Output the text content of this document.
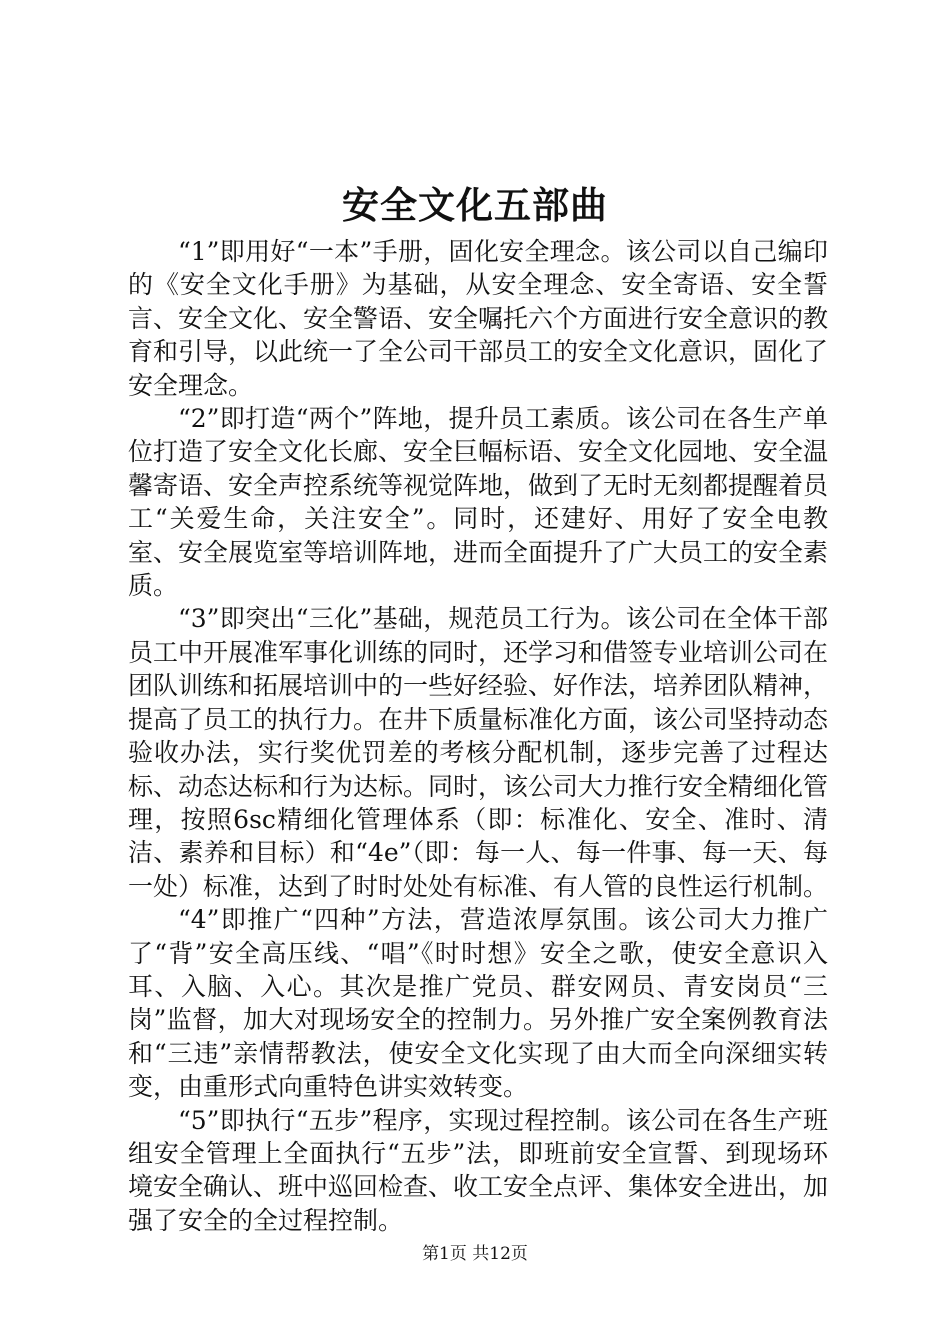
安全文化五部曲

“1”即用好“一本”手册，固化安全理念。该公司以自己编印的《安全文化手册》为基础，从安全理念、安全寄语、安全誓言、安全文化、安全警语、安全嘱托六个方面进行安全意识的教育和引导，以此统一了全公司干部员工的安全文化意识，固化了安全理念。

“2”即打造“两个”阵地，提升员工素质。该公司在各生产单位打造了安全文化长廊、安全巨幅标语、安全文化园地、安全温馨寄语、安全声控系统等视觉阵地，做到了无时无刻都提醒着员工“关爱生命，关注安全”。同时，还建好、用好了安全电教室、安全展览室等培训阵地，进而全面提升了广大员工的安全素质。

“3”即突出“三化”基础，规范员工行为。该公司在全体干部员工中开展准军事化训练的同时，还学习和借签专业培训公司在团队训练和拓展培训中的一些好经验、好作法，培养团队精神，提高了员工的执行力。在井下质量标准化方面，该公司坚持动态验收办法，实行奖优罚差的考核分配机制，逐步完善了过程达标、动态达标和行为达标。同时，该公司大力推行安全精细化管理，按照6sc精细化管理体系（即：标准化、安全、准时、清洁、素养和目标）和“4e”（即：每一人、每一件事、每一天、每一处）标准，达到了时时处处有标准、有人管的良性运行机制。

“4”即推广“四种”方法，营造浓厚氛围。该公司大力推广了“背”安全高压线、“唱”《时时想》安全之歌，使安全意识入耳、入脑、入心。其次是推广党员、群安网员、青安岗员“三岗”监督，加大对现场安全的控制力。另外推广安全案例教育法和“三违”亲情帮教法，使安全文化实现了由大而全向深细实转变，由重形式向重特色讲实效转变。

“5”即执行“五步”程序，实现过程控制。该公司在各生产班组安全管理上全面执行“五步”法，即班前安全宣誓、到现场环境安全确认、班中巡回检查、收工安全点评、集体安全进出，加强了安全的全过程控制。

第1页 共12页
